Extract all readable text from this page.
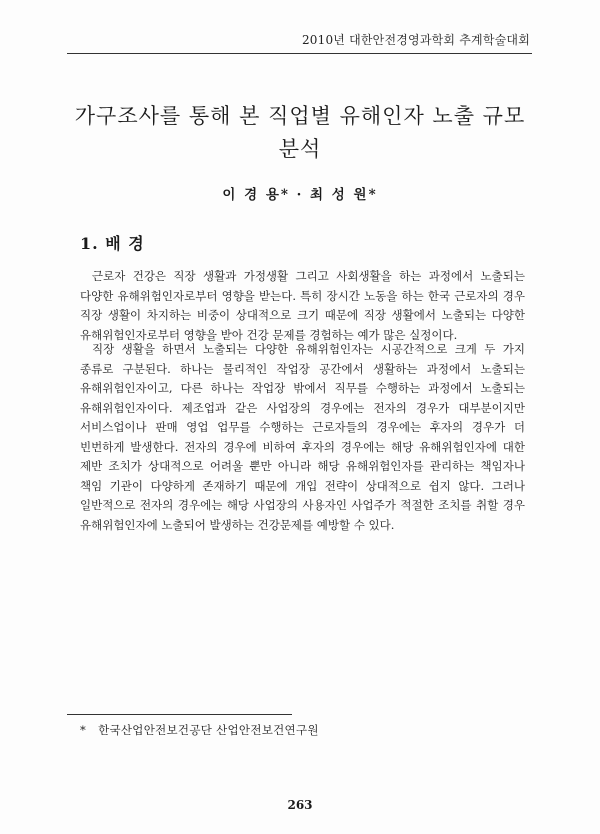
2010년 대한안전경영과학회 추계학술대회
가구조사를 통해 본 직업별 유해인자 노출 규모 분석
이 경 용* · 최 성 원*
1. 배 경

근로자 건강은 직장 생활과 가정생활 그리고 사회생활을 하는 과정에서 노출되는 다양한 유해위험인자로부터 영향을 받는다. 특히 장시간 노동을 하는 한국 근로자의 경우 직장 생활이 차지하는 비중이 상대적으로 크기 때문에 직장 생활에서 노출되는 다양한 유해위험인자로부터 영향을 받아 건강 문제를 경험하는 예가 많은 실정이다.

직장 생활을 하면서 노출되는 다양한 유해위험인자는 시공간적으로 크게 두 가지 종류로 구분된다. 하나는 물리적인 작업장 공간에서 생활하는 과정에서 노출되는 유해위험인자이고, 다른 하나는 작업장 밖에서 직무를 수행하는 과정에서 노출되는 유해위험인자이다. 제조업과 같은 사업장의 경우에는 전자의 경우가 대부분이지만 서비스업이나 판매 영업 업무를 수행하는 근로자들의 경우에는 후자의 경우가 더 빈번하게 발생한다. 전자의 경우에 비하여 후자의 경우에는 해당 유해위험인자에 대한 제반 조치가 상대적으로 어려울 뿐만 아니라 해당 유해위험인자를 관리하는 책임자나 책임 기관이 다양하게 존재하기 때문에 개입 전략이 상대적으로 쉽지 않다. 그러나 일반적으로 전자의 경우에는 해당 사업장의 사용자인 사업주가 적절한 조치를 취할 경우 유해위험인자에 노출되어 발생하는 건강문제를 예방할 수 있다.

* 한국산업안전보건공단 산업안전보건연구원
263
